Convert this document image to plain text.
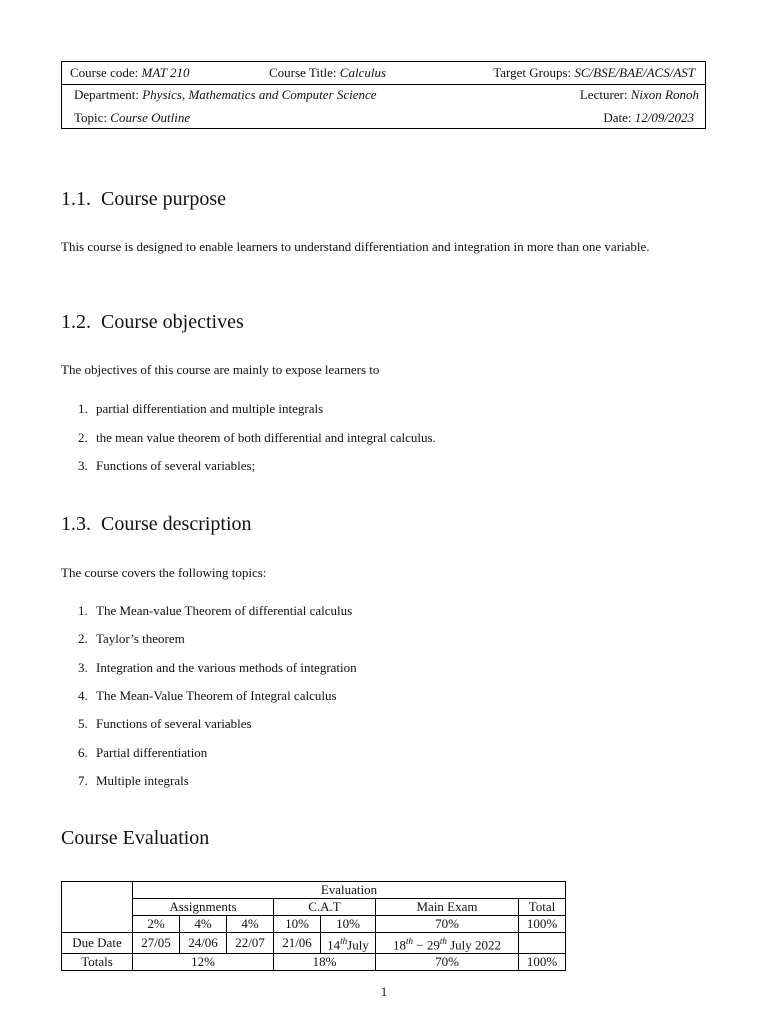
Course code: MAT 210	Course Title: Calculus	Target Groups: SC/BSE/BAE/ACS/AST
Department: Physics, Mathematics and Computer Science	Lecturer: Nixon Ronoh
Topic: Course Outline	Date: 12/09/2023
1.1. Course purpose

This course is designed to enable learners to understand differentiation and integration in more than one variable.

1.2. Course objectives

The objectives of this course are mainly to expose learners to

1. partial differentiation and multiple integrals
2. the mean value theorem of both differential and integral calculus.
3. Functions of several variables;
1.3. Course description

The course covers the following topics:

1. The Mean-value Theorem of differential calculus
2. Taylor’s theorem
3. Integration and the various methods of integration
4. The Mean-Value Theorem of Integral calculus
5. Functions of several variables
6. Partial differentiation
7. Multiple integrals
Course Evaluation
	Evaluation						
	Assignments			C.A.T		Main Exam	Total
	2%	4%	4%	10%	10%	70%	100%
Due Date	27/05	24/06	22/07	21/06	14thJuly	18th − 29th July 2022	
Totals	12%			18%		70%	100%
1
